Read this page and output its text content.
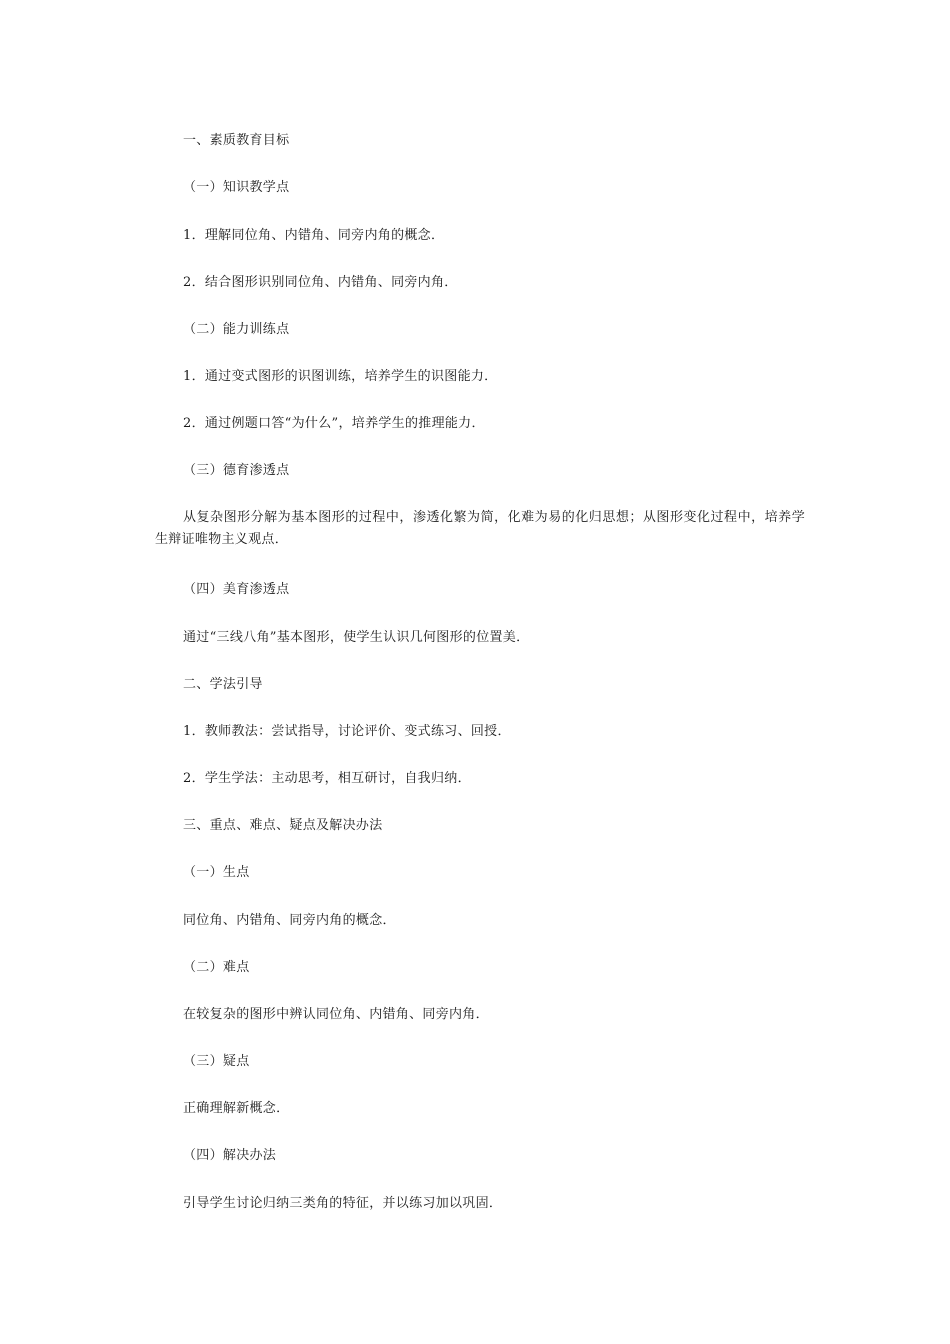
一、素质教育目标
（一）知识教学点
1．理解同位角、内错角、同旁内角的概念．
2．结合图形识别同位角、内错角、同旁内角．
（二）能力训练点
1．通过变式图形的识图训练，培养学生的识图能力．
2．通过例题口答“为什么”，培养学生的推理能力．
（三）德育渗透点
从复杂图形分解为基本图形的过程中，渗透化繁为简，化难为易的化归思想；从图形变化过程中，培养学生辩证唯物主义观点．
（四）美育渗透点
通过“三线八角”基本图形，使学生认识几何图形的位置美．
二、学法引导
1．教师教法：尝试指导，讨论评价、变式练习、回授．
2．学生学法：主动思考，相互研讨，自我归纳．
三、重点、难点、疑点及解决办法
（一）生点
同位角、内错角、同旁内角的概念．
（二）难点
在较复杂的图形中辨认同位角、内错角、同旁内角．
（三）疑点
正确理解新概念．
（四）解决办法
引导学生讨论归纳三类角的特征，并以练习加以巩固．
